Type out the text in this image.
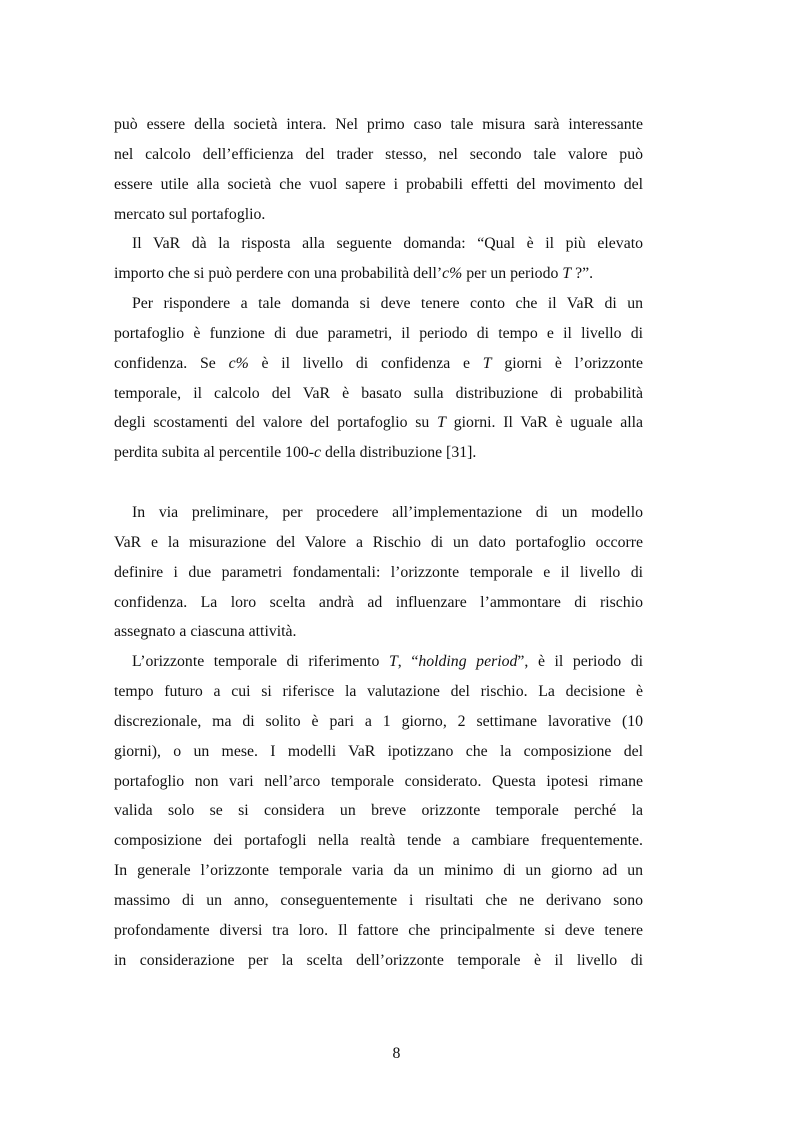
può essere della società intera. Nel primo caso tale misura sarà interessante
nel calcolo dell’efficienza del trader stesso, nel secondo tale valore può
essere utile alla società che vuol sapere i probabili effetti del movimento del
mercato sul portafoglio.
Il VaR dà la risposta alla seguente domanda: “Qual è il più elevato
importo che si può perdere con una probabilità dell’c% per un periodo T ?”.
Per rispondere a tale domanda si deve tenere conto che il VaR di un
portafoglio è funzione di due parametri, il periodo di tempo e il livello di
confidenza. Se c% è il livello di confidenza e T giorni è l’orizzonte
temporale, il calcolo del VaR è basato sulla distribuzione di probabilità
degli scostamenti del valore del portafoglio su T giorni. Il VaR è uguale alla
perdita subita al percentile 100-c della distribuzione [31].
In via preliminare, per procedere all’implementazione di un modello
VaR e la misurazione del Valore a Rischio di un dato portafoglio occorre
definire i due parametri fondamentali: l’orizzonte temporale e il livello di
confidenza. La loro scelta andrà ad influenzare l’ammontare di rischio
assegnato a ciascuna attività.
L’orizzonte temporale di riferimento T, “holding period”, è il periodo di
tempo futuro a cui si riferisce la valutazione del rischio. La decisione è
discrezionale, ma di solito è pari a 1 giorno, 2 settimane lavorative (10
giorni), o un mese. I modelli VaR ipotizzano che la composizione del
portafoglio non vari nell’arco temporale considerato. Questa ipotesi rimane
valida solo se si considera un breve orizzonte temporale perché la
composizione dei portafogli nella realtà tende a cambiare frequentemente.
In generale l’orizzonte temporale varia da un minimo di un giorno ad un
massimo di un anno, conseguentemente i risultati che ne derivano sono
profondamente diversi tra loro. Il fattore che principalmente si deve tenere
in considerazione per la scelta dell’orizzonte temporale è il livello di
8
